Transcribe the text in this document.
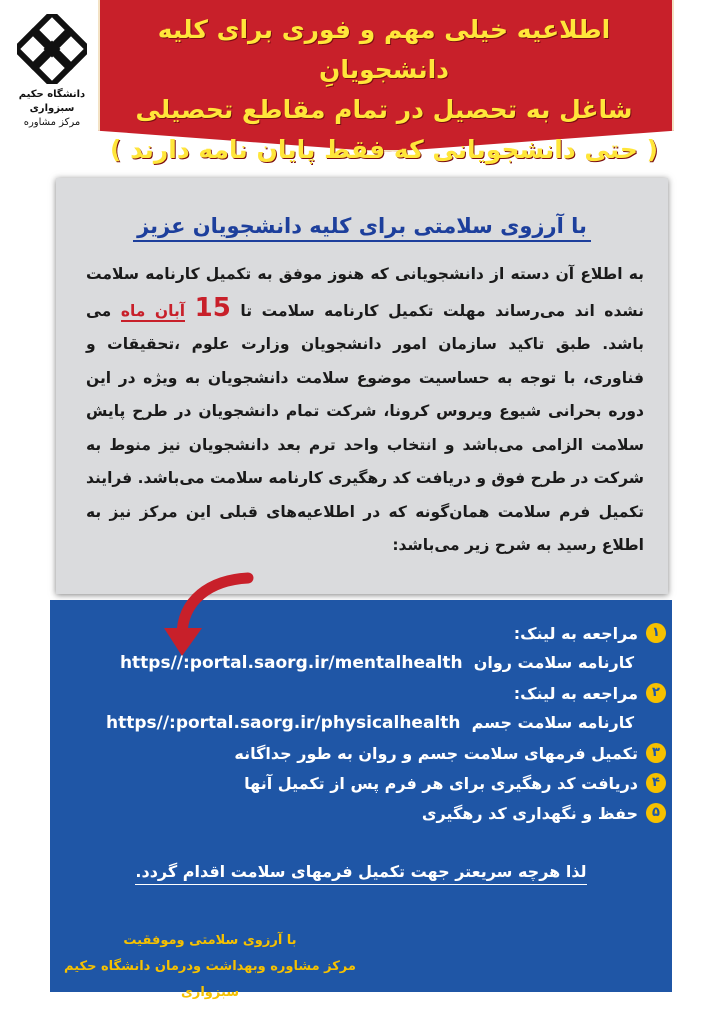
دانشگاه حکیم سبزواری
مرکز مشاوره
اطلاعیه خیلی مهم و فوری برای کلیه دانشجویانِ
شاغل به تحصیل در تمام مقاطع تحصیلی
( حتی دانشجویانی که فقط پایان نامه دارند )
با آرزوی سلامتی برای کلیه دانشجویان عزیز
به اطلاع آن دسته از دانشجویانی که هنوز موفق به تکمیل کارنامه سلامت نشده اند می‌رساند مهلت تکمیل کارنامه سلامت تا 15 آبان ماه می باشد. طبق تاکید سازمان امور دانشجویان وزارت علوم ،تحقیقات و فناوری، با توجه به حساسیت موضوع سلامت دانشجویان به ویژه در این دوره بحرانی شیوع ویروس کرونا، شرکت تمام دانشجویان در طرح پایش سلامت الزامی می‌باشد و انتخاب واحد ترم بعد دانشجویان نیز منوط به شرکت در طرح فوق و دریافت کد رهگیری کارنامه سلامت می‌باشد. فرایند تکمیل فرم سلامت همان‌گونه که در اطلاعیه‌های قبلی این مرکز نیز به اطلاع رسید به شرح زیر می‌باشد:
۱
مراجعه به لینک:
کارنامه سلامت روان  https//:portal.saorg.ir/mentalhealth
۲
مراجعه به لینک:
کارنامه سلامت جسم  https//:portal.saorg.ir/physicalhealth
۳
تکمیل فرمهای سلامت جسم و روان به طور جداگانه
۴
دریافت کد رهگیری برای هر فرم پس از تکمیل آنها
۵
حفظ و نگهداری کد رهگیری
لذا هرچه سریعتر جهت تکمیل فرمهای سلامت اقدام گردد.
با آرزوی سلامتی وموفقیت
مرکز مشاوره وبهداشت ودرمان دانشگاه حکیم سبزواری
